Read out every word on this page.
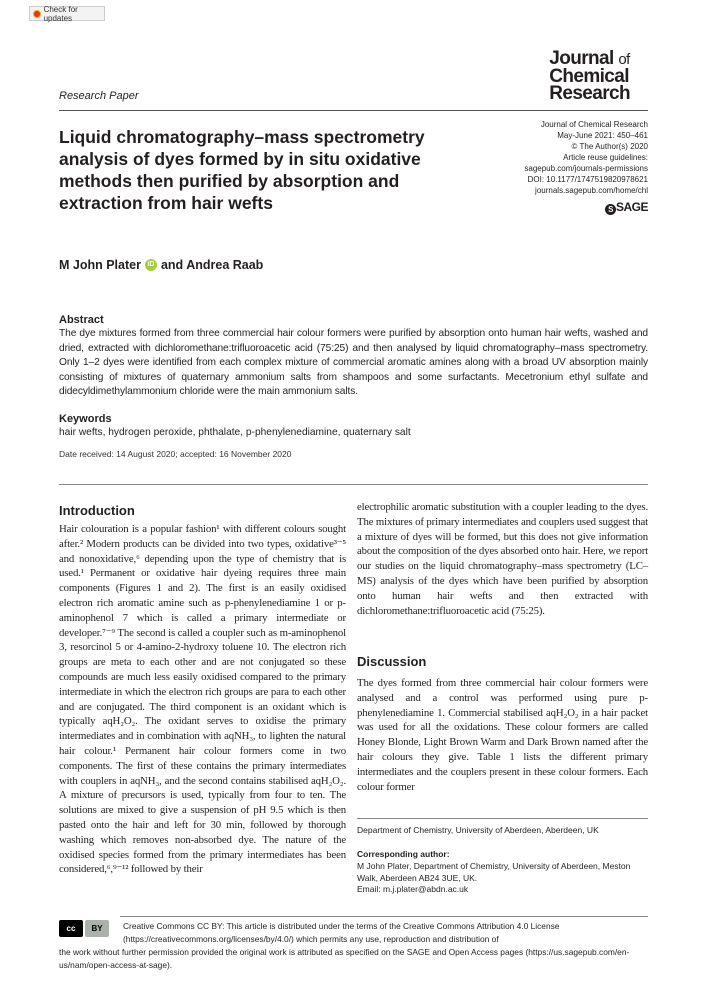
Check for updates
Research Paper
Journal of
Chemical
Research
Liquid chromatography–mass spectrometry analysis of dyes formed by in situ oxidative methods then purified by absorption and extraction from hair wefts
Journal of Chemical Research
May-June 2021: 450–461
© The Author(s) 2020
Article reuse guidelines:
sagepub.com/journals-permissions
DOI: 10.1177/1747519820978621
journals.sagepub.com/home/chl
S SAGE
M John Plater iD and Andrea Raab
Abstract
The dye mixtures formed from three commercial hair colour formers were purified by absorption onto human hair wefts, washed and dried, extracted with dichloromethane:trifluoroacetic acid (75:25) and then analysed by liquid chromatography–mass spectrometry. Only 1–2 dyes were identified from each complex mixture of commercial aromatic amines along with a broad UV absorption mainly consisting of mixtures of quaternary ammonium salts from shampoos and some surfactants. Mecetronium ethyl sulfate and didecyldimethylammonium chloride were the main ammonium salts.
Keywords
hair wefts, hydrogen peroxide, phthalate, p-phenylenediamine, quaternary salt
Date received: 14 August 2020; accepted: 16 November 2020
Introduction
Hair colouration is a popular fashion¹ with different colours sought after.² Modern products can be divided into two types, oxidative³⁻⁵ and nonoxidative,⁶ depending upon the type of chemistry that is used.¹ Permanent or oxidative hair dyeing requires three main components (Figures 1 and 2). The first is an easily oxidised electron rich aromatic amine such as p-phenylenediamine 1 or p-aminophenol 7 which is called a primary intermediate or developer.⁷⁻⁹ The second is called a coupler such as m-aminophenol 3, resorcinol 5 or 4-amino-2-hydroxy toluene 10. The electron rich groups are meta to each other and are not conjugated so these compounds are much less easily oxidised compared to the primary intermediate in which the electron rich groups are para to each other and are conjugated. The third component is an oxidant which is typically aqH₂O₂. The oxidant serves to oxidise the primary intermediates and in combination with aqNH₃, to lighten the natural hair colour.¹ Permanent hair colour formers come in two components. The first of these contains the primary intermediates with couplers in aqNH₃, and the second contains stabilised aqH₂O₂. A mixture of precursors is used, typically from four to ten. The solutions are mixed to give a suspension of pH 9.5 which is then pasted onto the hair and left for 30 min, followed by thorough washing which removes non-absorbed dye. The nature of the oxidised species formed from the primary intermediates has been considered,⁶,⁹⁻¹² followed by their
electrophilic aromatic substitution with a coupler leading to the dyes. The mixtures of primary intermediates and couplers used suggest that a mixture of dyes will be formed, but this does not give information about the composition of the dyes absorbed onto hair. Here, we report our studies on the liquid chromatography–mass spectrometry (LC–MS) analysis of the dyes which have been purified by absorption onto human hair wefts and then extracted with dichloromethane:trifluoroacetic acid (75:25).
Discussion
The dyes formed from three commercial hair colour formers were analysed and a control was performed using pure p-phenylenediamine 1. Commercial stabilised aqH₂O₂ in a hair packet was used for all the oxidations. These colour formers are called Honey Blonde, Light Brown Warm and Dark Brown named after the hair colours they give. Table 1 lists the different primary intermediates and the couplers present in these colour formers. Each colour former
Department of Chemistry, University of Aberdeen, Aberdeen, UK
Corresponding author:
M John Plater, Department of Chemistry, University of Aberdeen, Meston Walk, Aberdeen AB24 3UE, UK.
Email: m.j.plater@abdn.ac.uk
cc	BY	Creative Commons CC BY: This article is distributed under the terms of the Creative Commons Attribution 4.0 License (https://creativecommons.org/licenses/by/4.0/) which permits any use, reproduction and distribution of
the work without further permission provided the original work is attributed as specified on the SAGE and Open Access pages (https://us.sagepub.com/en-us/nam/open-access-at-sage).
